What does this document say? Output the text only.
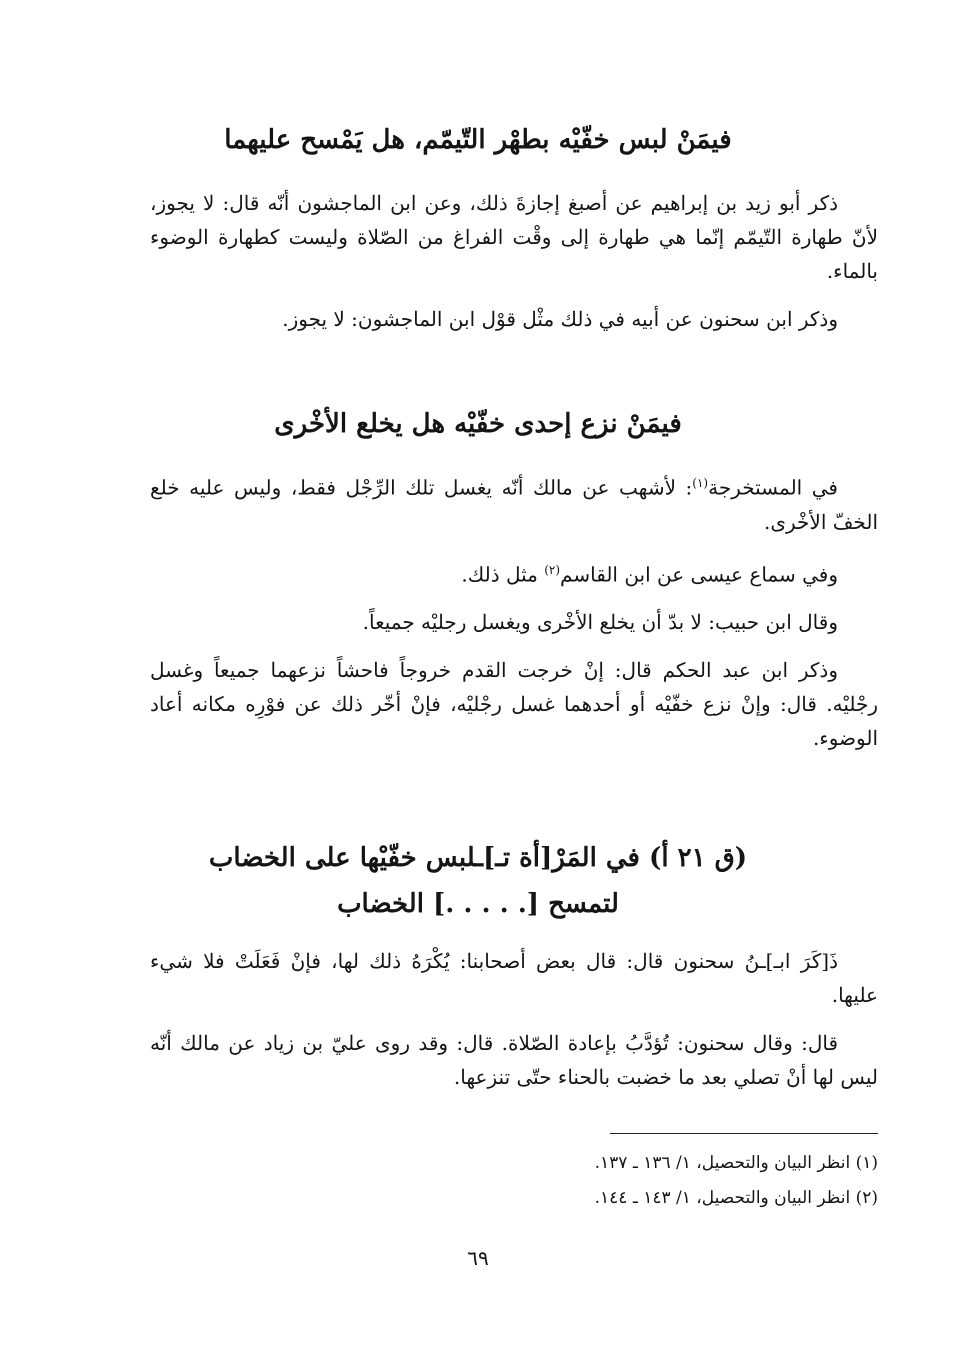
فيمَنْ لبس خفّيْه بطهْر التّيمّم، هل يَمْسح عليهما

ذكر أبو زيد بن إبراهيم عن أصبغ إجازةَ ذلك، وعن ابن الماجشون أنّه قال: لا يجوز، لأنّ طهارة التّيمّم إنّما هي طهارة إلى وقْت الفراغ من الصّلاة وليست كطهارة الوضوء بالماء.

وذكر ابن سحنون عن أبيه في ذلك مثْل قوْل ابن الماجشون: لا يجوز.

فيمَنْ نزع إحدى خفّيْه هل يخلع الأخْرى

في المستخرجة$^{(١)}$: لأشهب عن مالك أنّه يغسل تلك الرِّجْل فقط، وليس عليه خلع الخفّ الأخْرى.

وفي سماع عيسى عن ابن القاسم$^{(٢)}$ مثل ذلك.

وقال ابن حبيب: لا بدّ أن يخلع الأخْرى ويغسل رجليْه جميعاً.

وذكر ابن عبد الحكم قال: إنْ خرجت القدم خروجاً فاحشاً نزعهما جميعاً وغسل رجْليْه. قال: وإنْ نزع خفّيْه أو أحدهما غسل رجْليْه، فإنْ أخّر ذلك عن فوْرِه مكانه أعاد الوضوء.

(ق ٢١ أ) في المَرْ[أة تـ]ـلبس خفّيْها على الخضاب
لتمسح [. . . . .] الخضاب

ذَ[كَرَ ابـ]ـنُ سحنون قال: قال بعض أصحابنا: يُكْرَهُ ذلك لها، فإنْ فَعَلَتْ فلا شيء عليها.

قال: وقال سحنون: تُؤدَّبُ بإعادة الصّلاة. قال: وقد روى عليّ بن زياد عن مالك أنّه ليس لها أنْ تصلي بعد ما خضبت بالحناء حتّى تنزعها.

(١) انظر البيان والتحصيل، ١/ ١٣٦ ـ ١٣٧.
(٢) انظر البيان والتحصيل، ١/ ١٤٣ ـ ١٤٤.
٦٩
